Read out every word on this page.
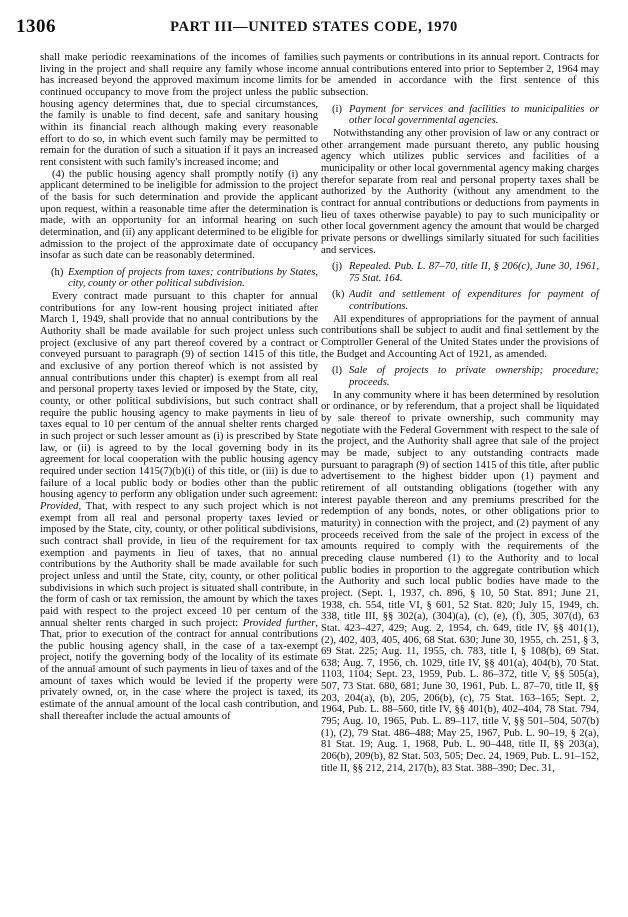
1306	PART III—UNITED STATES CODE, 1970

shall make periodic reexaminations of the incomes of families living in the project and shall require any family whose income has increased beyond the approved maximum income limits for continued occupancy to move from the project unless the public housing agency determines that, due to special circumstances, the family is unable to find decent, safe and sanitary housing within its financial reach although making every reasonable effort to do so, in which event such family may be permitted to remain for the duration of such a situation if it pays an increased rent consistent with such family's increased income; and

(4) the public housing agency shall promptly notify (i) any applicant determined to be ineligible for admission to the project of the basis for such determination and provide the applicant upon request, within a reasonable time after the determination is made, with an opportunity for an informal hearing on such determination, and (ii) any applicant determined to be eligible for admission to the project of the approximate date of occupancy insofar as such date can be reasonably determined.

(h) Exemption of projects from taxes; contributions by States, city, county or other political subdivision.

Every contract made pursuant to this chapter for annual contributions for any low-rent housing project initiated after March 1, 1949, shall provide that no annual contributions by the Authority shall be made available for such project unless such project (exclusive of any part thereof covered by a contract or conveyed pursuant to paragraph (9) of section 1415 of this title, and exclusive of any portion thereof which is not assisted by annual contributions under this chapter) is exempt from all real and personal property taxes levied or imposed by the State, city, county, or other political subdivisions, but such contract shall require the public housing agency to make payments in lieu of taxes equal to 10 per centum of the annual shelter rents charged in such project or such lesser amount as (i) is prescribed by State law, or (ii) is agreed to by the local governing body in its agreement for local cooperation with the public housing agency required under section 1415(7)(b)(i) of this title, or (iii) is due to failure of a local public body or bodies other than the public housing agency to perform any obligation under such agreement: Provided, That, with respect to any such project which is not exempt from all real and personal property taxes levied or imposed by the State, city, county, or other political subdivisions, such contract shall provide, in lieu of the requirement for tax exemption and payments in lieu of taxes, that no annual contributions by the Authority shall be made available for such project unless and until the State, city, county, or other political subdivisions in which such project is situated shall contribute, in the form of cash or tax remission, the amount by which the taxes paid with respect to the project exceed 10 per centum of the annual shelter rents charged in such project: Provided further, That, prior to execution of the contract for annual contributions the public housing agency shall, in the case of a tax-exempt project, notify the governing body of the locality of its estimate of the annual amount of such payments in lieu of taxes and of the amount of taxes which would be levied if the property were privately owned, or, in the case where the project is taxed, its estimate of the annual amount of the local cash contribution, and shall thereafter include the actual amounts of

such payments or contributions in its annual report. Contracts for annual contributions entered into prior to September 2, 1964 may be amended in accordance with the first sentence of this subsection.

(i) Payment for services and facilities to municipalities or other local governmental agencies.

Notwithstanding any other provision of law or any contract or other arrangement made pursuant thereto, any public housing agency which utilizes public services and facilities of a municipality or other local governmental agency making charges therefor separate from real and personal property taxes shall be authorized by the Authority (without any amendment to the contract for annual contributions or deductions from payments in lieu of taxes otherwise payable) to pay to such municipality or other local government agency the amount that would be charged private persons or dwellings similarly situated for such facilities and services.

(j) Repealed. Pub. L. 87–70, title II, § 206(c), June 30, 1961, 75 Stat. 164.

(k) Audit and settlement of expenditures for payment of contributions.

All expenditures of appropriations for the payment of annual contributions shall be subject to audit and final settlement by the Comptroller General of the United States under the provisions of the Budget and Accounting Act of 1921, as amended.

(l) Sale of projects to private ownership; procedure; proceeds.

In any community where it has been determined by resolution or ordinance, or by referendum, that a project shall be liquidated by sale thereof to private ownership, such community may negotiate with the Federal Government with respect to the sale of the project, and the Authority shall agree that sale of the project may be made, subject to any outstanding contracts made pursuant to paragraph (9) of section 1415 of this title, after public advertisement to the highest bidder upon (1) payment and retirement of all outstanding obligations (together with any interest payable thereon and any premiums prescribed for the redemption of any bonds, notes, or other obligations prior to maturity) in connection with the project, and (2) payment of any proceeds received from the sale of the project in excess of the amounts required to comply with the requirements of the preceding clause numbered (1) to the Authority and to local public bodies in proportion to the aggregate contribution which the Authority and such local public bodies have made to the project. (Sept. 1, 1937, ch. 896, § 10, 50 Stat. 891; June 21, 1938, ch. 554, title VI, § 601, 52 Stat. 820; July 15, 1949, ch. 338, title III, §§ 302(a), (304)(a), (c), (e), (f), 305, 307(d), 63 Stat. 423–427, 429; Aug. 2, 1954, ch. 649, title IV, §§ 401(1), (2), 402, 403, 405, 406, 68 Stat. 630; June 30, 1955, ch. 251, § 3, 69 Stat. 225; Aug. 11, 1955, ch. 783, title I, § 108(b), 69 Stat. 638; Aug. 7, 1956, ch. 1029, title IV, §§ 401(a), 404(b), 70 Stat. 1103, 1104; Sept. 23, 1959, Pub. L. 86–372, title V, §§ 505(a), 507, 73 Stat. 680, 681; June 30, 1961, Pub. L. 87–70, title II, §§ 203, 204(a), (b), 205, 206(b), (c), 75 Stat. 163–165; Sept. 2, 1964, Pub. L. 88–560, title IV, §§ 401(b), 402–404, 78 Stat. 794, 795; Aug. 10, 1965, Pub. L. 89–117, title V, §§ 501–504, 507(b)(1), (2), 79 Stat. 486–488; May 25, 1967, Pub. L. 90–19, § 2(a), 81 Stat. 19; Aug. 1, 1968, Pub. L. 90–448, title II, §§ 203(a), 206(b), 209(b), 82 Stat. 503, 505; Dec. 24, 1969, Pub. L. 91–152, title II, §§ 212, 214, 217(b), 83 Stat. 388–390; Dec. 31,
